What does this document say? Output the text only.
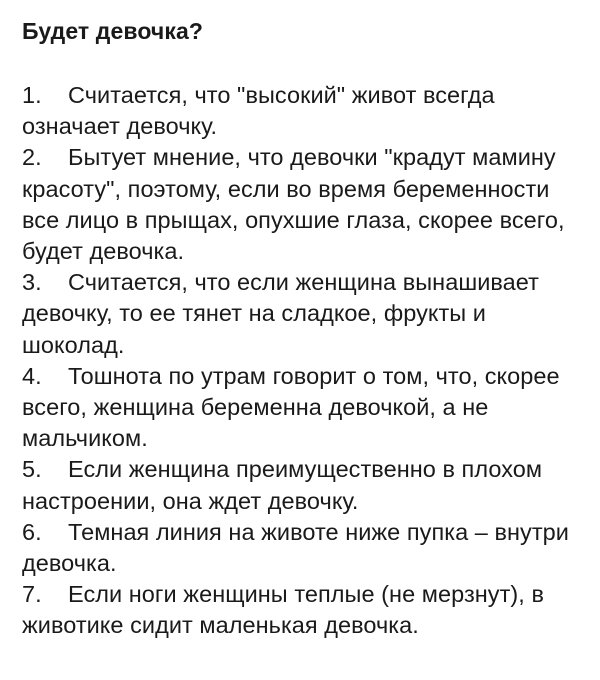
Будет девочка?
1. Считается, что "высокий" живот всегда означает девочку.
2. Бытует мнение, что девочки "крадут мамину красоту", поэтому, если во время беременности все лицо в прыщах, опухшие глаза, скорее всего, будет девочка.
3. Считается, что если женщина вынашивает девочку, то ее тянет на сладкое, фрукты и шоколад.
4. Тошнота по утрам говорит о том, что, скорее всего, женщина беременна девочкой, а не мальчиком.
5. Если женщина преимущественно в плохом настроении, она ждет девочку.
6. Темная линия на животе ниже пупка – внутри девочка.
7. Если ноги женщины теплые (не мерзнут), в животике сидит маленькая девочка.
